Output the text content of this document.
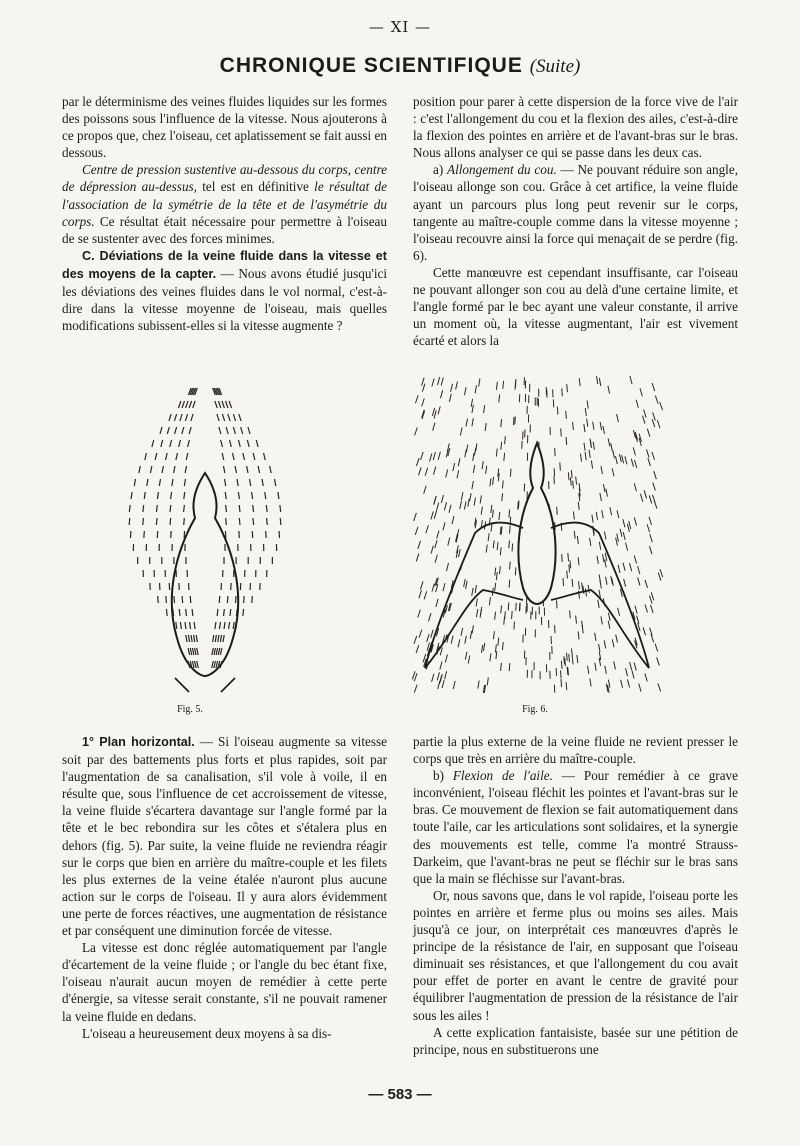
— XI —
CHRONIQUE SCIENTIFIQUE (Suite)

par le déterminisme des veines fluides liquides sur les formes des poissons sous l'influence de la vitesse. Nous ajouterons à ce propos que, chez l'oiseau, cet aplatissement se fait aussi en dessous.

Centre de pression sustentive au-dessous du corps, centre de dépression au-dessus, tel est en définitive le résultat de l'association de la symétrie de la tête et de l'asymétrie du corps. Ce résultat était nécessaire pour permettre à l'oiseau de se sustenter avec des forces minimes.

C. Déviations de la veine fluide dans la vitesse et des moyens de la capter. — Nous avons étudié jusqu'ici les déviations des veines fluides dans le vol normal, c'est-à-dire dans la vitesse moyenne de l'oiseau, mais quelles modifications subissent-elles si la vitesse augmente ?

position pour parer à cette dispersion de la force vive de l'air : c'est l'allongement du cou et la flexion des ailes, c'est-à-dire la flexion des pointes en arrière et de l'avant-bras sur le bras. Nous allons analyser ce qui se passe dans les deux cas.

a) Allongement du cou. — Ne pouvant réduire son angle, l'oiseau allonge son cou. Grâce à cet artifice, la veine fluide ayant un parcours plus long peut revenir sur le corps, tangente au maître-couple comme dans la vitesse moyenne ; l'oiseau recouvre ainsi la force qui menaçait de se perdre (fig. 6).

Cette manœuvre est cependant insuffisante, car l'oiseau ne pouvant allonger son cou au delà d'une certaine limite, et l'angle formé par le bec ayant une valeur constante, il arrive un moment où, la vitesse augmentant, l'air est vivement écarté et alors la

Fig. 5.	Fig. 6.

1° Plan horizontal. — Si l'oiseau augmente sa vitesse soit par des battements plus forts et plus rapides, soit par l'augmentation de sa canalisation, s'il vole à voile, il en résulte que, sous l'influence de cet accroissement de vitesse, la veine fluide s'écartera davantage sur l'angle formé par la tête et le bec rebondira sur les côtes et s'étalera plus en dehors (fig. 5). Par suite, la veine fluide ne reviendra réagir sur le corps que bien en arrière du maître-couple et les filets les plus externes de la veine étalée n'auront plus aucune action sur le corps de l'oiseau. Il y aura alors évidemment une perte de forces réactives, une augmentation de résistance et par conséquent une diminution forcée de vitesse.

La vitesse est donc réglée automatiquement par l'angle d'écartement de la veine fluide ; or l'angle du bec étant fixe, l'oiseau n'aurait aucun moyen de remédier à cette perte d'énergie, sa vitesse serait constante, s'il ne pouvait ramener la veine fluide en dedans.

L'oiseau a heureusement deux moyens à sa dis-

partie la plus externe de la veine fluide ne revient presser le corps que très en arrière du maître-couple.

b) Flexion de l'aile. — Pour remédier à ce grave inconvénient, l'oiseau fléchit les pointes et l'avant-bras sur le bras. Ce mouvement de flexion se fait automatiquement dans toute l'aile, car les articulations sont solidaires, et la synergie des mouvements est telle, comme l'a montré Strauss-Darkeim, que l'avant-bras ne peut se fléchir sur le bras sans que la main se fléchisse sur l'avant-bras.

Or, nous savons que, dans le vol rapide, l'oiseau porte les pointes en arrière et ferme plus ou moins ses ailes. Mais jusqu'à ce jour, on interprétait ces manœuvres d'après le principe de la résistance de l'air, en supposant que l'oiseau diminuait ses résistances, et que l'allongement du cou avait pour effet de porter en avant le centre de gravité pour équilibrer l'augmentation de pression de la résistance de l'air sous les ailes !

A cette explication fantaisiste, basée sur une pétition de principe, nous en substituerons une

— 583 —
